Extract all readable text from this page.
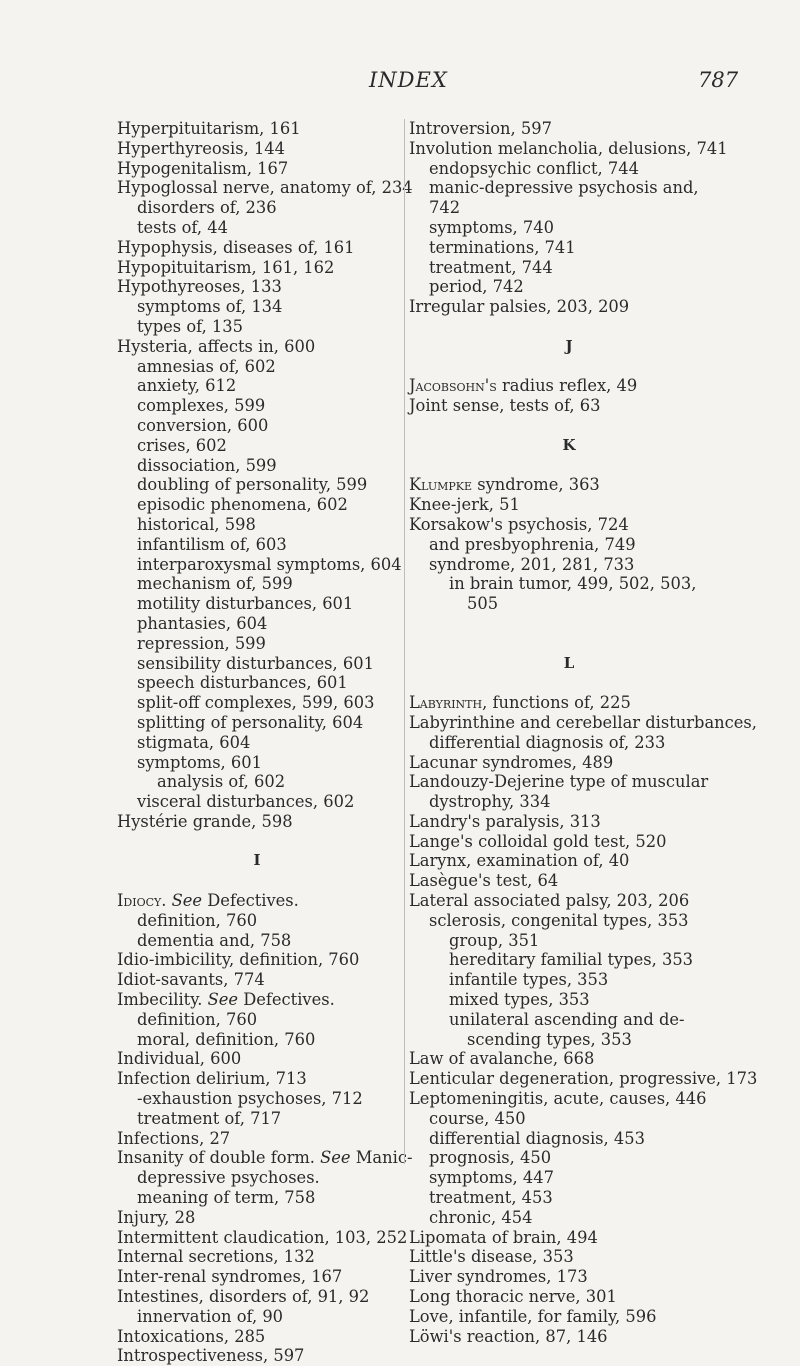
INDEX	787
Hyperpituitarism, 161
Hyperthyreosis, 144
Hypogenitalism, 167
Hypoglossal nerve, anatomy of, 234
disorders of, 236
tests of, 44
Hypophysis, diseases of, 161
Hypopituitarism, 161, 162
Hypothyreoses, 133
symptoms of, 134
types of, 135
Hysteria, affects in, 600
amnesias of, 602
anxiety, 612
complexes, 599
conversion, 600
crises, 602
dissociation, 599
doubling of personality, 599
episodic phenomena, 602
historical, 598
infantilism of, 603
interparoxysmal symptoms, 604
mechanism of, 599
motility disturbances, 601
phantasies, 604
repression, 599
sensibility disturbances, 601
speech disturbances, 601
split-off complexes, 599, 603
splitting of personality, 604
stigmata, 604
symptoms, 601
analysis of, 602
visceral disturbances, 602
Hystérie grande, 598
I
Idiocy. See Defectives.
definition, 760
dementia and, 758
Idio-imbicility, definition, 760
Idiot-savants, 774
Imbecility. See Defectives.
definition, 760
moral, definition, 760
Individual, 600
Infection delirium, 713
-exhaustion psychoses, 712
treatment of, 717
Infections, 27
Insanity of double form. See Manic-
depressive psychoses.
meaning of term, 758
Injury, 28
Intermittent claudication, 103, 252
Internal secretions, 132
Inter-renal syndromes, 167
Intestines, disorders of, 91, 92
innervation of, 90
Intoxications, 285
Introspectiveness, 597
Introversion, 597
Involution melancholia, delusions, 741
endopsychic conflict, 744
manic-depressive psychosis and,
742
symptoms, 740
terminations, 741
treatment, 744
period, 742
Irregular palsies, 203, 209
J
Jacobsohn's radius reflex, 49
Joint sense, tests of, 63
K
Klumpke syndrome, 363
Knee-jerk, 51
Korsakow's psychosis, 724
and presbyophrenia, 749
syndrome, 201, 281, 733
in brain tumor, 499, 502, 503,
505
L
Labyrinth, functions of, 225
Labyrinthine and cerebellar disturbances,
differential diagnosis of, 233
Lacunar syndromes, 489
Landouzy-Dejerine type of muscular
dystrophy, 334
Landry's paralysis, 313
Lange's colloidal gold test, 520
Larynx, examination of, 40
Lasègue's test, 64
Lateral associated palsy, 203, 206
sclerosis, congenital types, 353
group, 351
hereditary familial types, 353
infantile types, 353
mixed types, 353
unilateral ascending and de-
scending types, 353
Law of avalanche, 668
Lenticular degeneration, progressive, 173
Leptomeningitis, acute, causes, 446
course, 450
differential diagnosis, 453
prognosis, 450
symptoms, 447
treatment, 453
chronic, 454
Lipomata of brain, 494
Little's disease, 353
Liver syndromes, 173
Long thoracic nerve, 301
Love, infantile, for family, 596
Löwi's reaction, 87, 146
